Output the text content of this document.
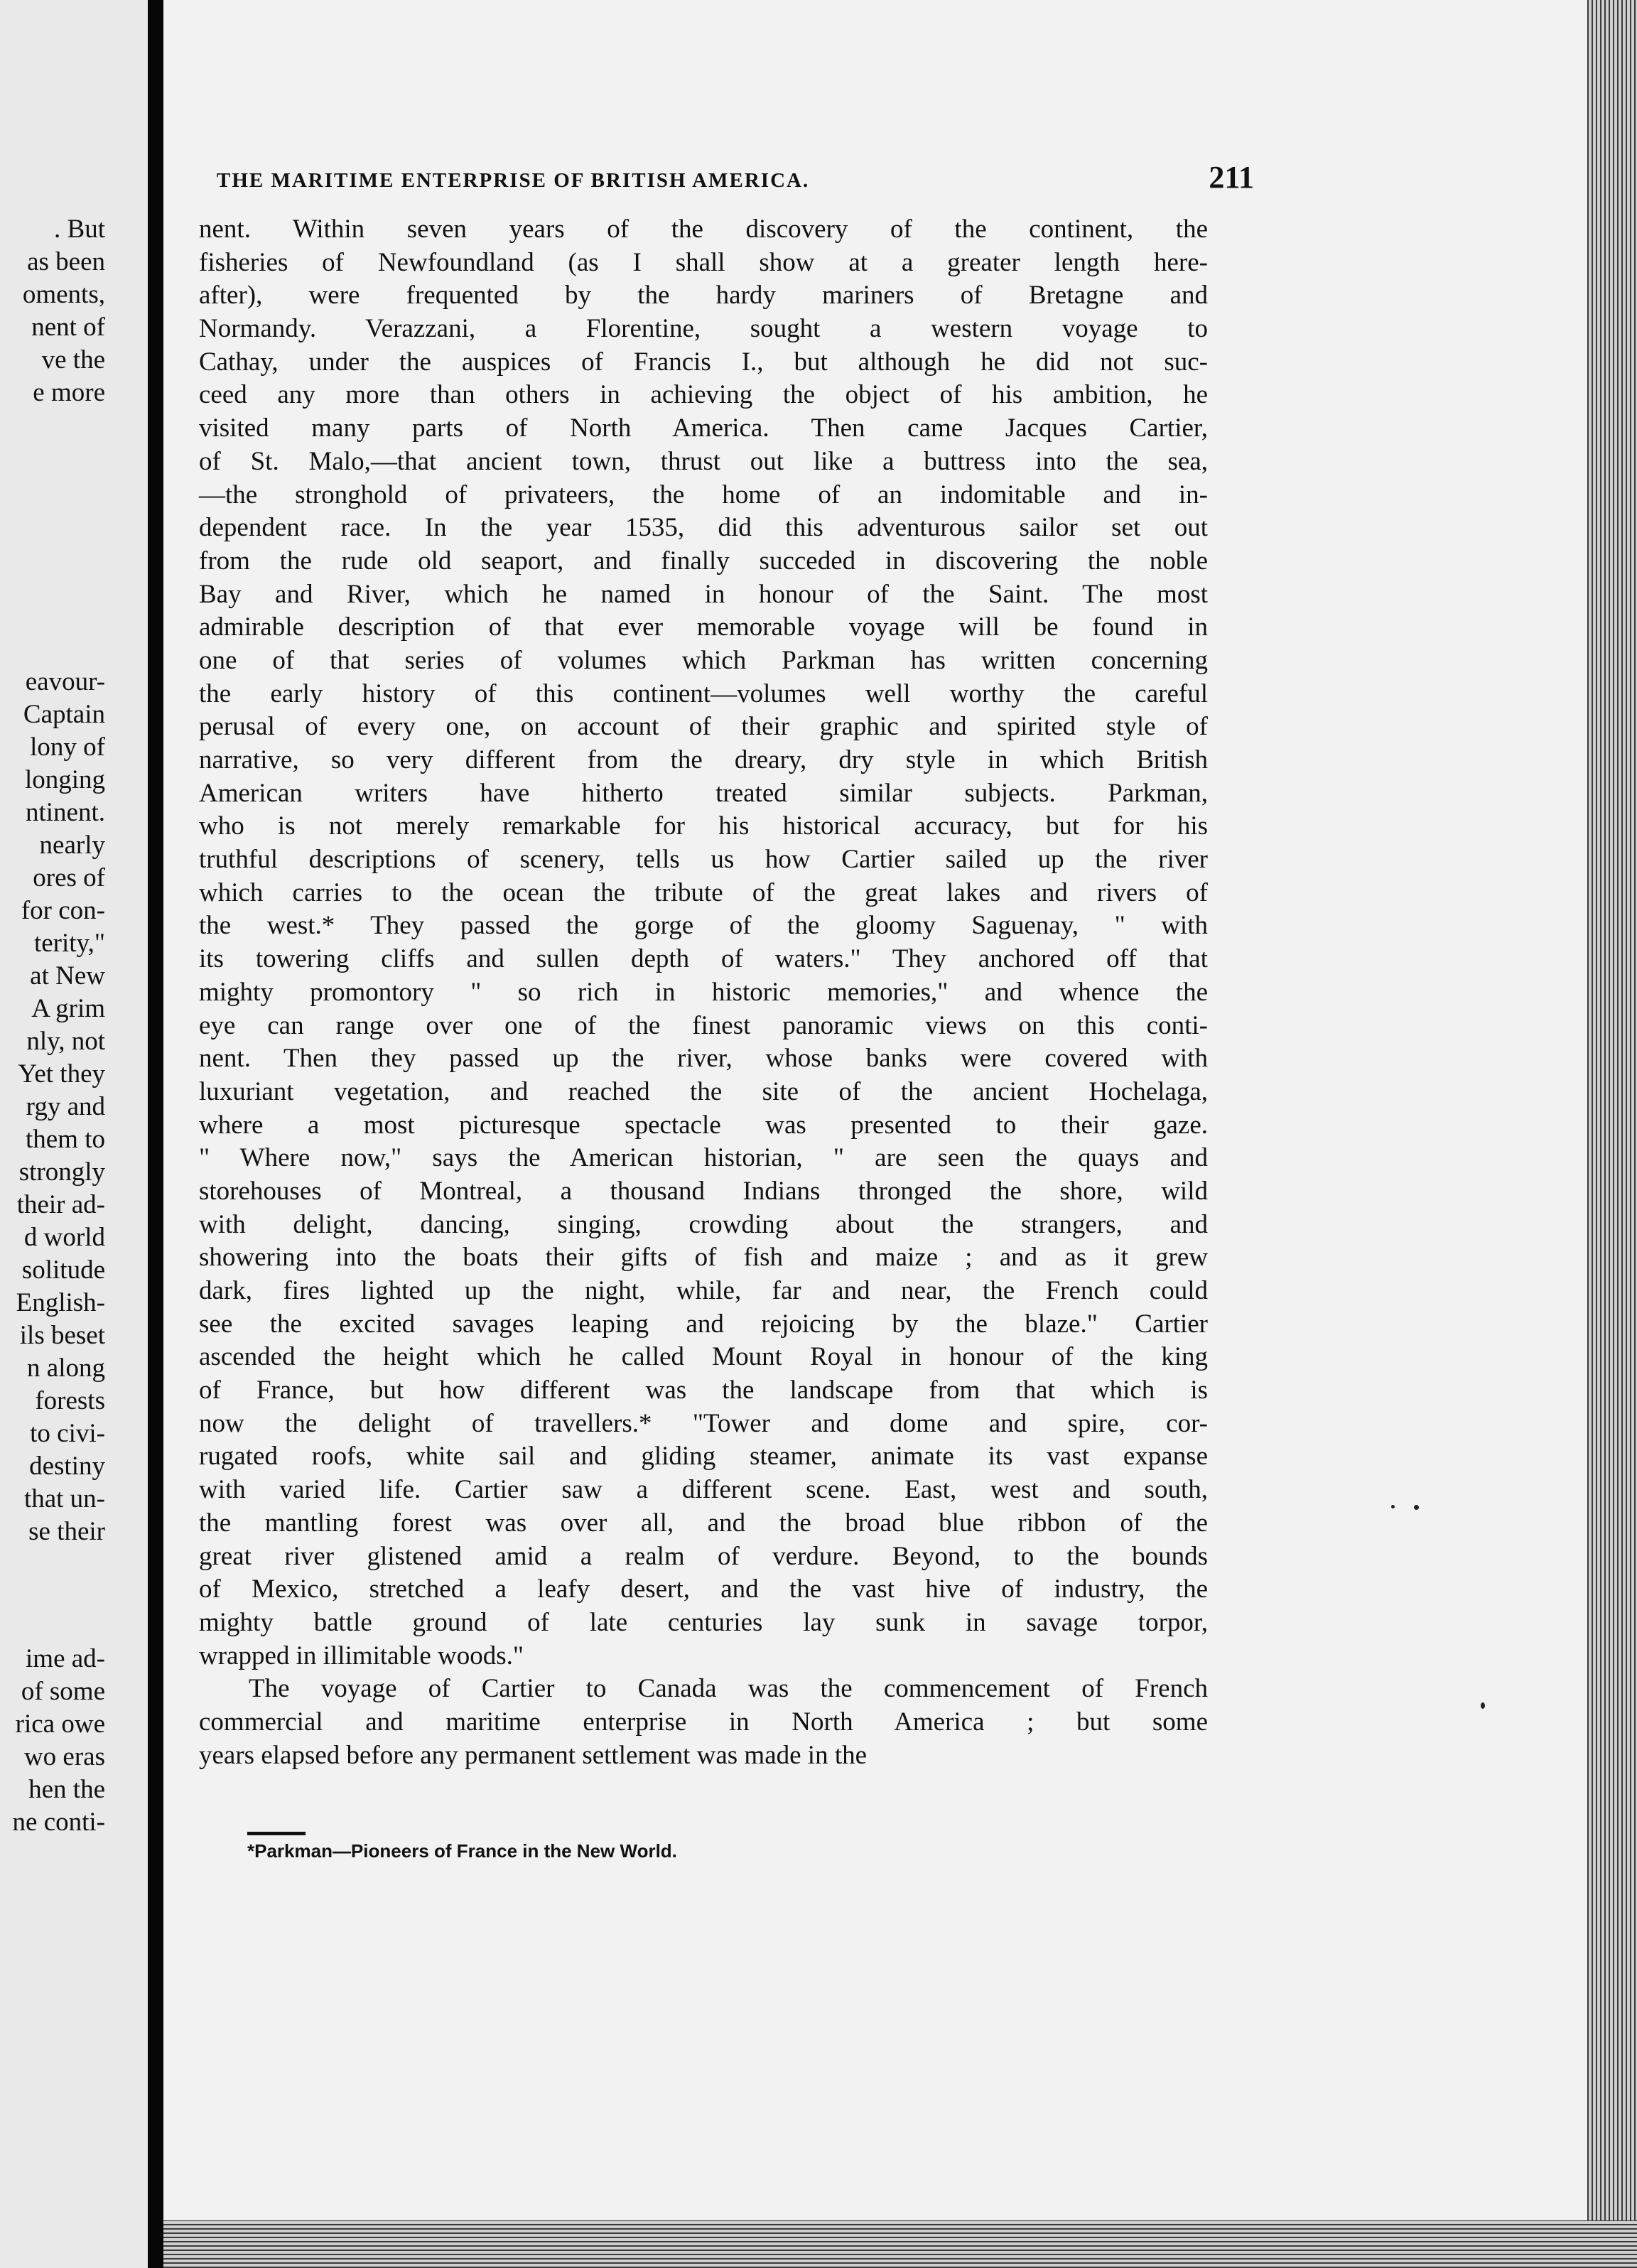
. But
as been
oments,
nent of
ve the
e more
eavour-
Captain
lony of
longing
ntinent.
nearly
ores of
for con-
terity,"
at New
A grim
nly, not
Yet they
rgy and
them to
strongly
their ad-
d world
solitude
English-
ils beset
n along
forests
to civi-
destiny
that un-
se their
ime ad-
of some
rica owe
wo eras
hen the
ne conti-
THE MARITIME ENTERPRISE OF BRITISH AMERICA.	211
nent. Within seven years of the discovery of the continent, the
fisheries of Newfoundland (as I shall show at a greater length here-
after), were frequented by the hardy mariners of Bretagne and
Normandy. Verazzani, a Florentine, sought a western voyage to
Cathay, under the auspices of Francis I., but although he did not suc-
ceed any more than others in achieving the object of his ambition, he
visited many parts of North America. Then came Jacques Cartier,
of St. Malo,—that ancient town, thrust out like a buttress into the sea,
—the stronghold of privateers, the home of an indomitable and in-
dependent race. In the year 1535, did this adventurous sailor set out
from the rude old seaport, and finally succeded in discovering the noble
Bay and River, which he named in honour of the Saint. The most
admirable description of that ever memorable voyage will be found in
one of that series of volumes which Parkman has written concerning
the early history of this continent—volumes well worthy the careful
perusal of every one, on account of their graphic and spirited style of
narrative, so very different from the dreary, dry style in which British
American writers have hitherto treated similar subjects. Parkman,
who is not merely remarkable for his historical accuracy, but for his
truthful descriptions of scenery, tells us how Cartier sailed up the river
which carries to the ocean the tribute of the great lakes and rivers of
the west.* They passed the gorge of the gloomy Saguenay, " with
its towering cliffs and sullen depth of waters." They anchored off that
mighty promontory " so rich in historic memories," and whence the
eye can range over one of the finest panoramic views on this conti-
nent. Then they passed up the river, whose banks were covered with
luxuriant vegetation, and reached the site of the ancient Hochelaga,
where a most picturesque spectacle was presented to their gaze.
" Where now," says the American historian, " are seen the quays and
storehouses of Montreal, a thousand Indians thronged the shore, wild
with delight, dancing, singing, crowding about the strangers, and
showering into the boats their gifts of fish and maize ; and as it grew
dark, fires lighted up the night, while, far and near, the French could
see the excited savages leaping and rejoicing by the blaze." Cartier
ascended the height which he called Mount Royal in honour of the king
of France, but how different was the landscape from that which is
now the delight of travellers.* "Tower and dome and spire, cor-
rugated roofs, white sail and gliding steamer, animate its vast expanse
with varied life. Cartier saw a different scene. East, west and south,
the mantling forest was over all, and the broad blue ribbon of the
great river glistened amid a realm of verdure. Beyond, to the bounds
of Mexico, stretched a leafy desert, and the vast hive of industry, the
mighty battle ground of late centuries lay sunk in savage torpor,
wrapped in illimitable woods."
The voyage of Cartier to Canada was the commencement of French
commercial and maritime enterprise in North America ; but some
years elapsed before any permanent settlement was made in the
*Parkman—Pioneers of France in the New World.
